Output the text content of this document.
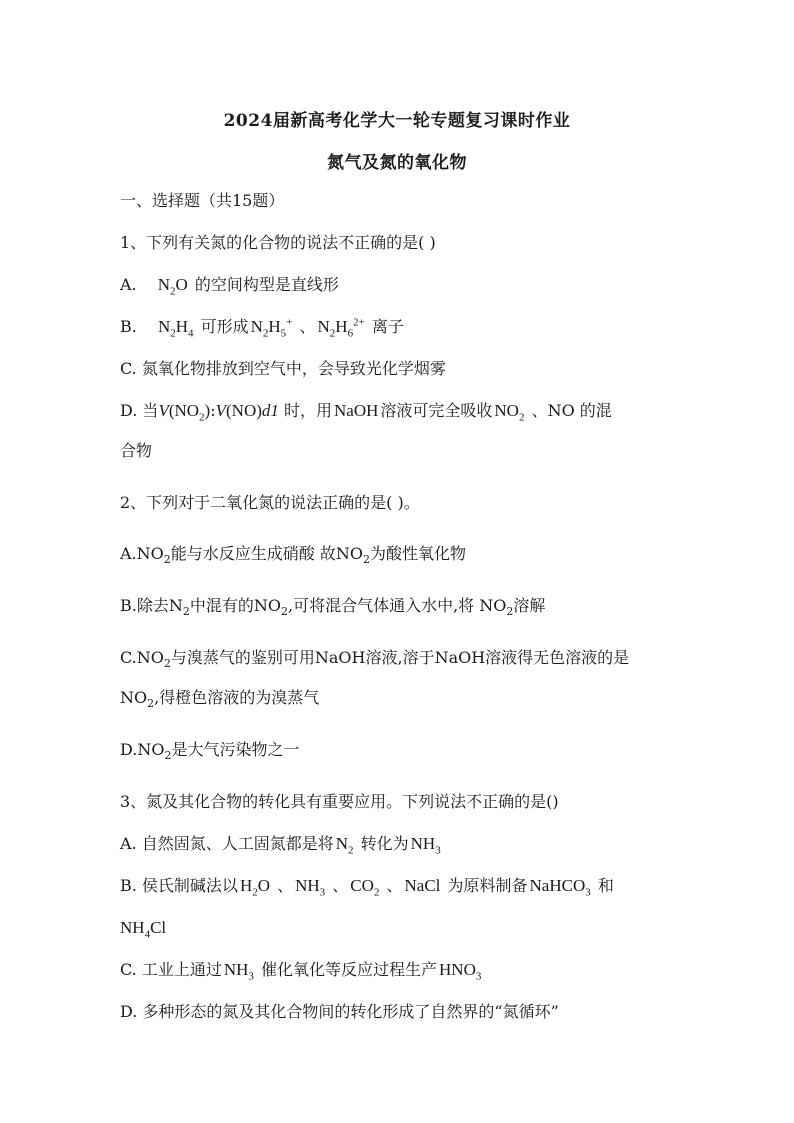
2024届新高考化学大一轮专题复习课时作业
氮气及氮的氧化物
一、选择题（共15题）
1、下列有关氮的化合物的说法不正确的是( )
A. $N_2O$ 的空间构型是直线形
B. $N_2H_4$ 可形成 $N_2H_5^+$ 、 $N_2H_6^{2+}$ 离子
C. 氮氧化物排放到空气中，会导致光化学烟雾
D. 当$V(NO_2):V(NO)d1$ 时，用 NaOH 溶液可完全吸收 $NO_2$ 、NO 的混
合物
2、下列对于二氧化氮的说法正确的是( )。
$A.NO_2$能与水反应生成硝酸 故$NO_2$为酸性氧化物
B.除去$N_2$中混有的$NO_2$,可将混合气体通入水中,将 $NO_2$溶解
$C.NO_2$与溴蒸气的鉴别可用NaOH溶液,溶于NaOH溶液得无色溶液的是
$NO_2$,得橙色溶液的为溴蒸气
$D.NO_2$是大气污染物之一
3、氮及其化合物的转化具有重要应用。下列说法不正确的是()
A. 自然固氮、人工固氮都是将 $N_2$ 转化为 $NH_3$
B. 侯氏制碱法以 $H_2O$ 、 $NH_3$ 、 $CO_2$ 、 NaCl 为原料制备 NaHCO$_3$ 和
$NH_4Cl$
C. 工业上通过 $NH_3$ 催化氧化等反应过程生产 $HNO_3$
D. 多种形态的氮及其化合物间的转化形成了自然界的“氮循环”
